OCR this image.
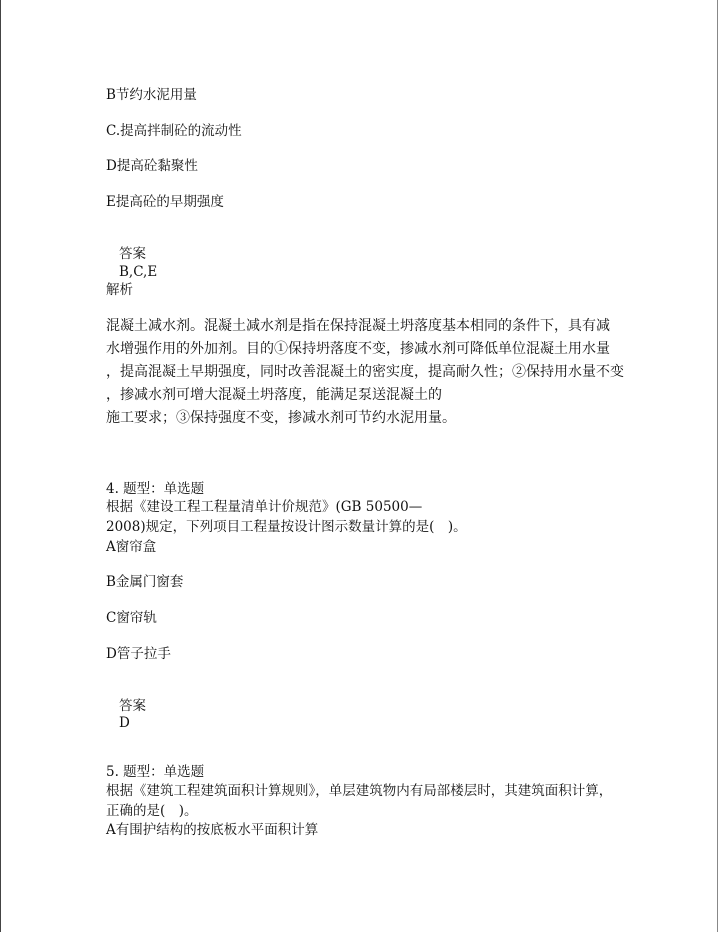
B节约水泥用量
C.提高拌制砼的流动性
D提高砼黏聚性
E提高砼的早期强度
答案
B,C,E
解析
混凝土减水剂。混凝土减水剂是指在保持混凝土坍落度基本相同的条件下，具有减
水增强作用的外加剂。目的①保持坍落度不变，掺减水剂可降低单位混凝土用水量
，提高混凝土早期强度，同时改善混凝土的密实度，提高耐久性；②保持用水量不变
，掺减水剂可增大混凝土坍落度，能满足泵送混凝土的
施工要求；③保持强度不变，掺减水剂可节约水泥用量。
4. 题型：单选题
根据《建设工程工程量清单计价规范》(GB 50500—
2008)规定，下列项目工程量按设计图示数量计算的是(　)。
A窗帘盒
B金属门窗套
C窗帘轨
D管子拉手
答案
D
5. 题型：单选题
根据《建筑工程建筑面积计算规则》，单层建筑物内有局部楼层时，其建筑面积计算，
正确的是(　)。
A有围护结构的按底板水平面积计算
